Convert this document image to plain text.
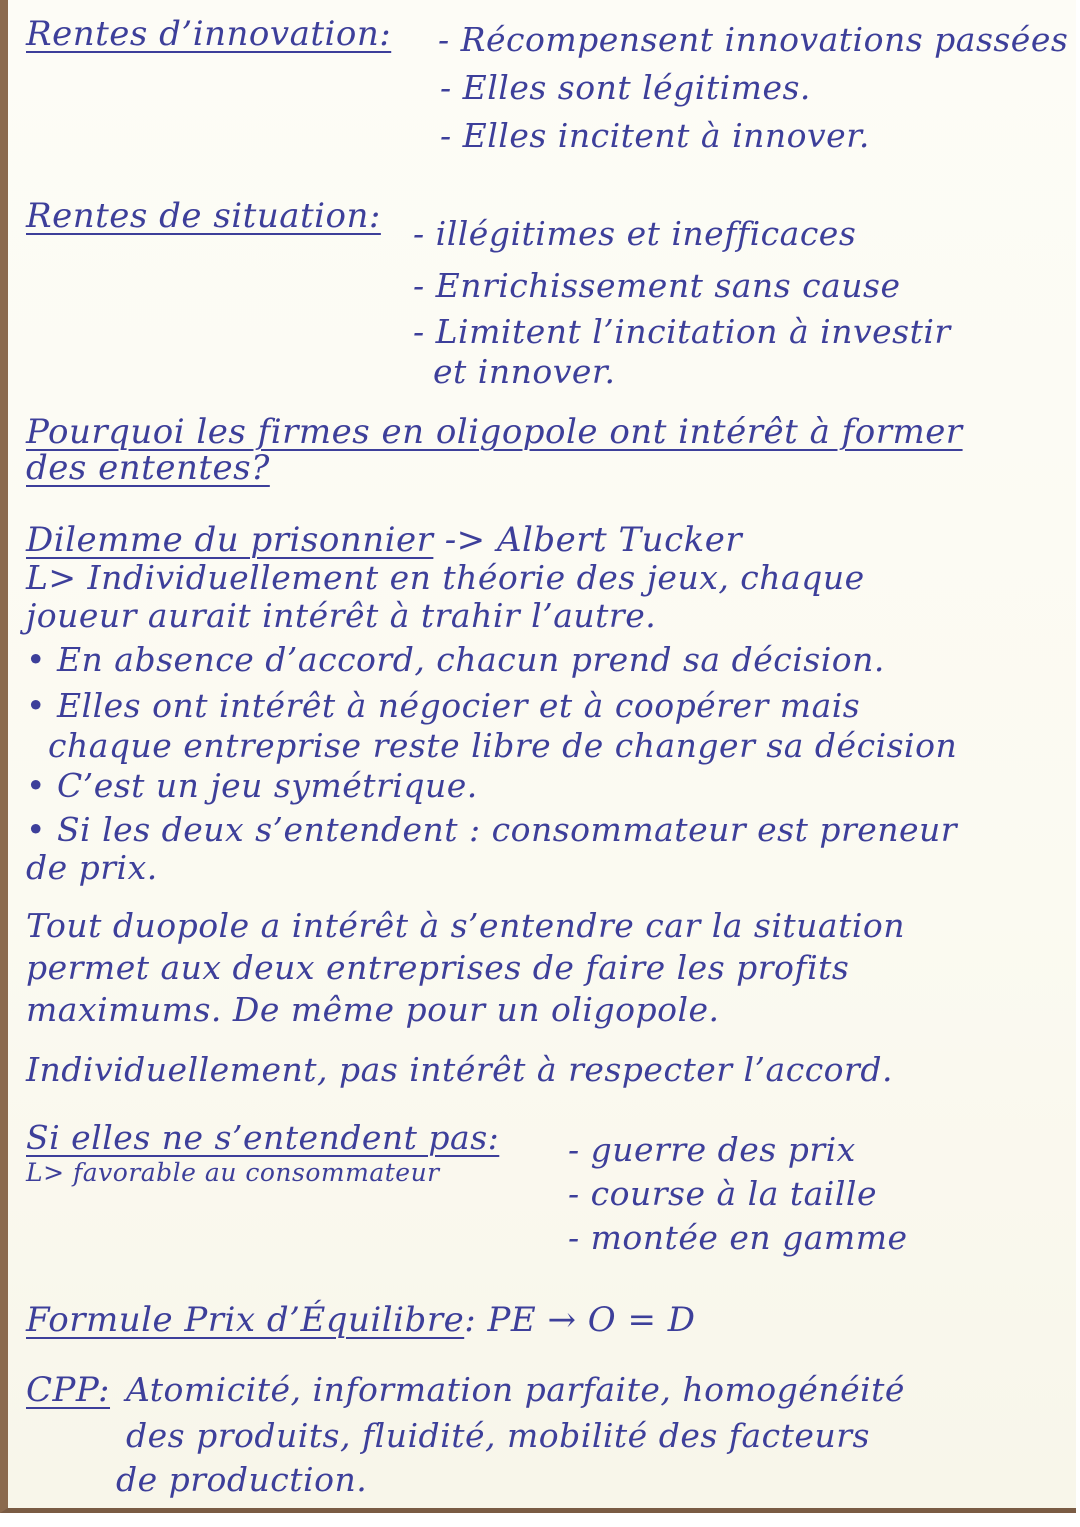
Rentes d’innovation: - Récompensent innovations passées
- Elles sont légitimes.
- Elles incitent à innover.
Rentes de situation: - illégitimes et inefficaces
- Enrichissement sans cause
- Limitent l’incitation à investir
et innover.
Pourquoi les firmes en oligopole ont intérêt à former
des ententes?
Dilemme du prisonnier -> Albert Tucker
L> Individuellement en théorie des jeux, chaque
joueur aurait intérêt à trahir l’autre.
• En absence d’accord, chacun prend sa décision.
• Elles ont intérêt à négocier et à coopérer mais
chaque entreprise reste libre de changer sa décision
• C’est un jeu symétrique.
• Si les deux s’entendent : consommateur est preneur
de prix.
Tout duopole a intérêt à s’entendre car la situation
permet aux deux entreprises de faire les profits
maximums. De même pour un oligopole.
Individuellement, pas intérêt à respecter l’accord.
Si elles ne s’entendent pas:
L> favorable au consommateur
- guerre des prix
- course à la taille
- montée en gamme
Formule Prix d’Équilibre: PE → O = D
CPP: Atomicité, information parfaite, homogénéité
des produits, fluidité, mobilité des facteurs
de production.
